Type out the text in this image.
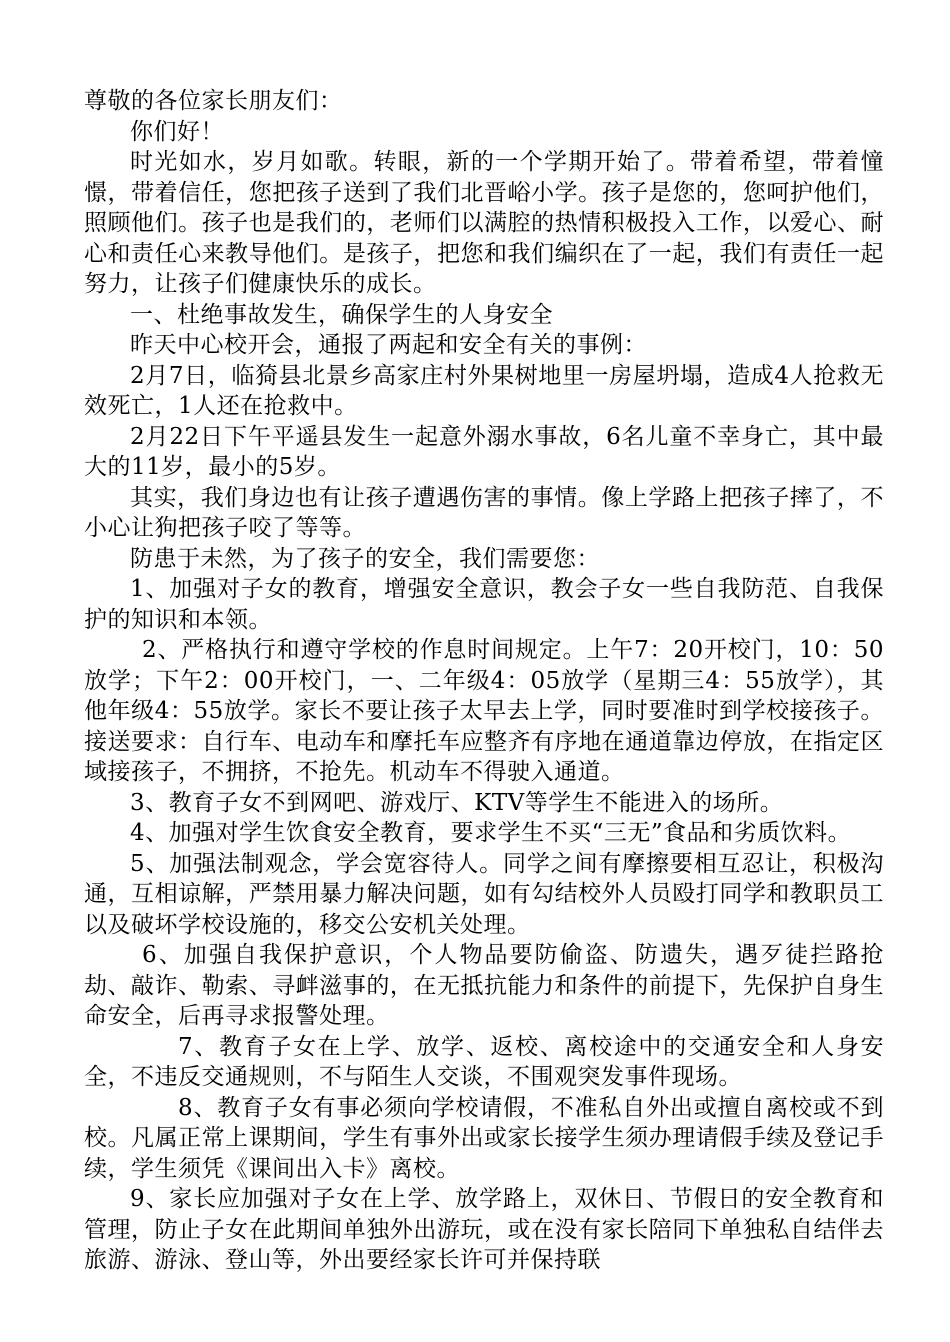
尊敬的各位家长朋友们：

你们好！

时光如水，岁月如歌。转眼，新的一个学期开始了。带着希望，带着憧憬，带着信任，您把孩子送到了我们北晋峪小学。孩子是您的，您呵护他们，照顾他们。孩子也是我们的，老师们以满腔的热情积极投入工作，以爱心、耐心和责任心来教导他们。是孩子，把您和我们编织在了一起，我们有责任一起努力，让孩子们健康快乐的成长。

一、杜绝事故发生，确保学生的人身安全

昨天中心校开会，通报了两起和安全有关的事例：

2月7日，临猗县北景乡高家庄村外果树地里一房屋坍塌，造成4人抢救无效死亡，1人还在抢救中。

2月22日下午平遥县发生一起意外溺水事故，6名儿童不幸身亡，其中最大的11岁，最小的5岁。

其实，我们身边也有让孩子遭遇伤害的事情。像上学路上把孩子摔了，不小心让狗把孩子咬了等等。

防患于未然，为了孩子的安全，我们需要您：

1、加强对子女的教育，增强安全意识，教会子女一些自我防范、自我保护的知识和本领。

2、严格执行和遵守学校的作息时间规定。上午7：20开校门，10：50放学；下午2：00开校门，一、二年级4：05放学（星期三4：55放学），其他年级4：55放学。家长不要让孩子太早去上学，同时要准时到学校接孩子。接送要求：自行车、电动车和摩托车应整齐有序地在通道靠边停放，在指定区域接孩子，不拥挤，不抢先。机动车不得驶入通道。

3、教育子女不到网吧、游戏厅、KTV等学生不能进入的场所。

4、加强对学生饮食安全教育，要求学生不买“三无”食品和劣质饮料。

5、加强法制观念，学会宽容待人。同学之间有摩擦要相互忍让，积极沟通，互相谅解，严禁用暴力解决问题，如有勾结校外人员殴打同学和教职员工以及破坏学校设施的，移交公安机关处理。

6、加强自我保护意识，个人物品要防偷盗、防遗失，遇歹徒拦路抢劫、敲诈、勒索、寻衅滋事的，在无抵抗能力和条件的前提下，先保护自身生命安全，后再寻求报警处理。

7、教育子女在上学、放学、返校、离校途中的交通安全和人身安全，不违反交通规则，不与陌生人交谈，不围观突发事件现场。

8、教育子女有事必须向学校请假，不准私自外出或擅自离校或不到校。凡属正常上课期间，学生有事外出或家长接学生须办理请假手续及登记手续，学生须凭《课间出入卡》离校。

9、家长应加强对子女在上学、放学路上，双休日、节假日的安全教育和管理，防止子女在此期间单独外出游玩，或在没有家长陪同下单独私自结伴去旅游、游泳、登山等，外出要经家长许可并保持联
